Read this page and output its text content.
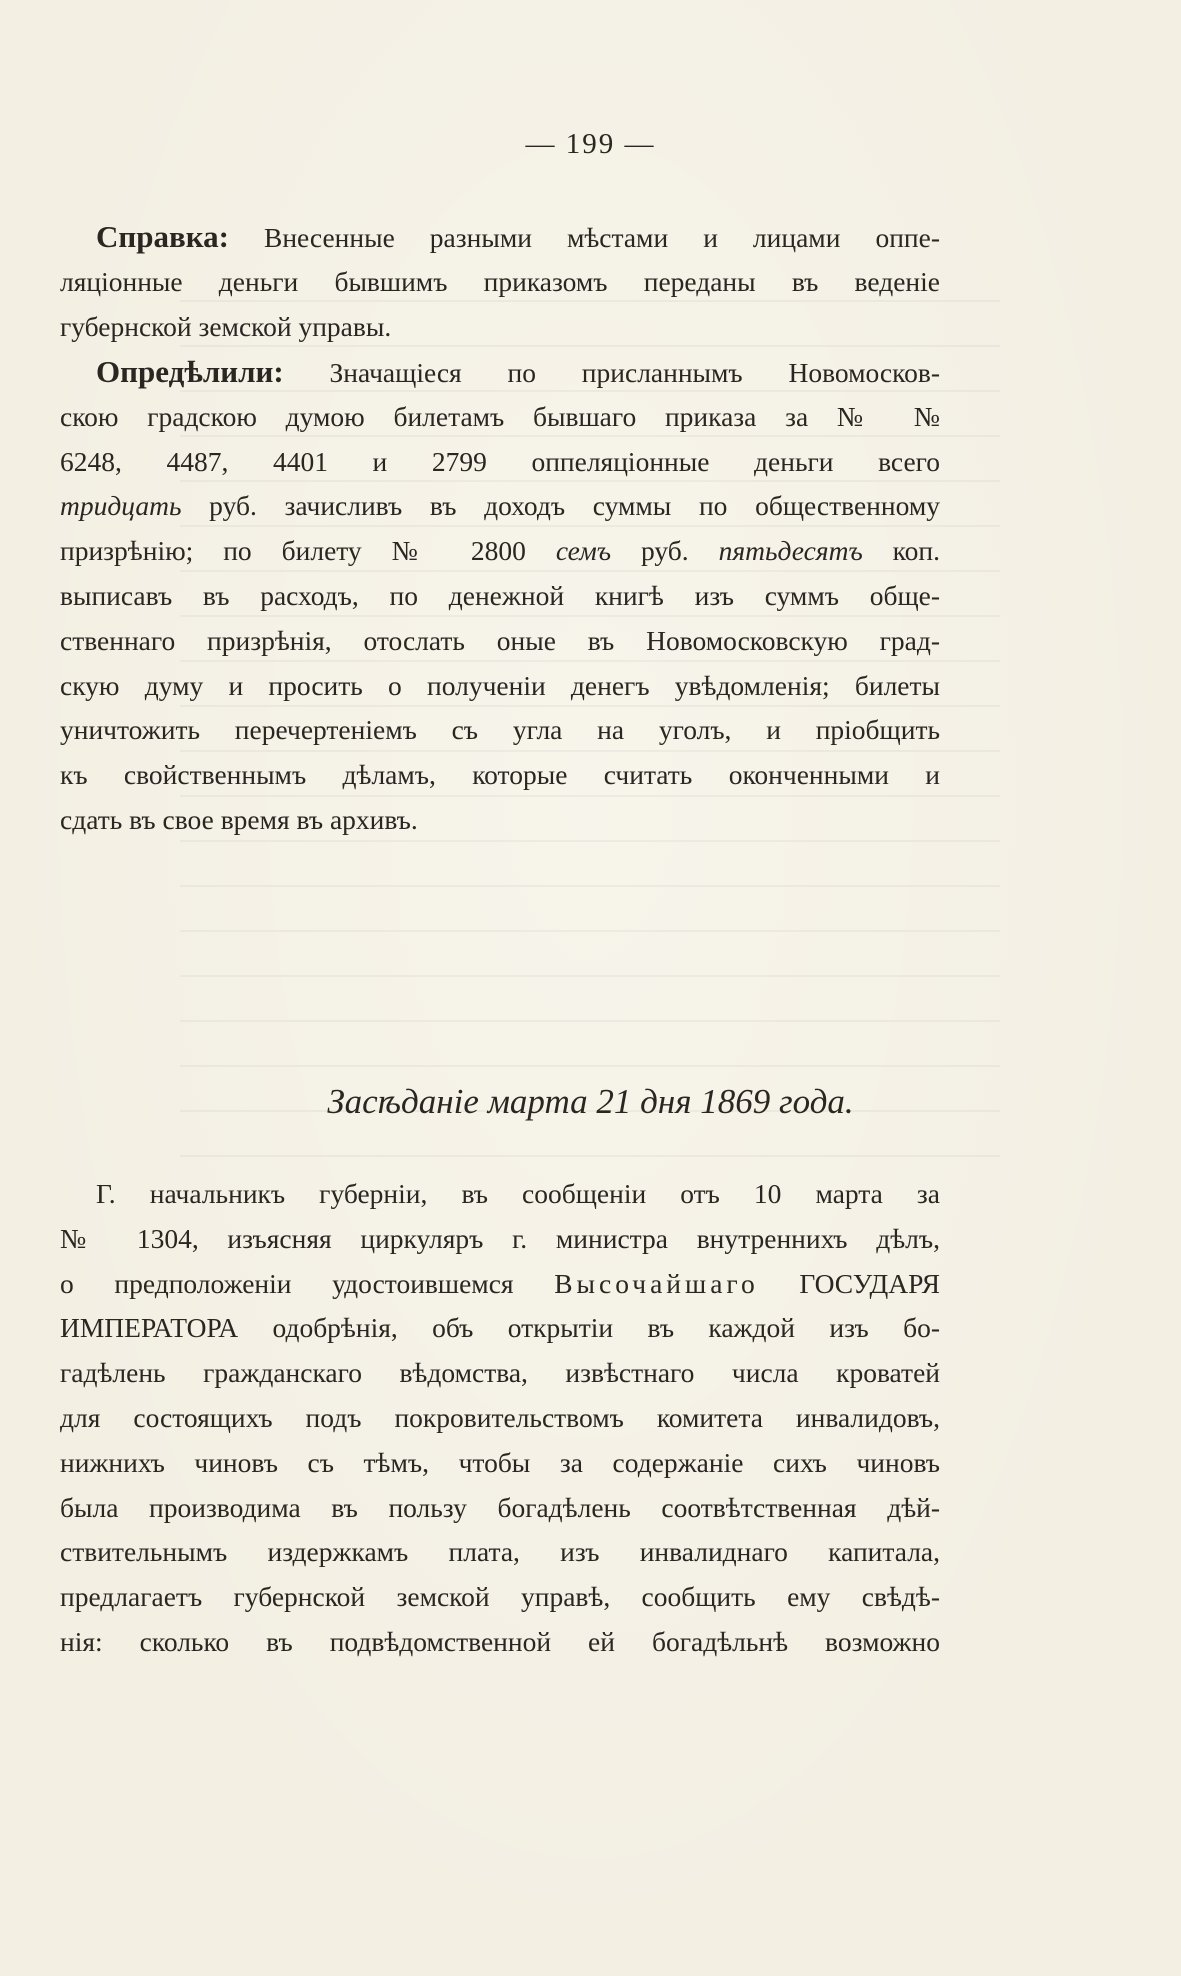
— 199 —
Справка: Внесенные разными мѣстами и лицами оппе-
ляціонные деньги бывшимъ приказомъ переданы въ веденіе
губернской земской управы.
Опредѣлили: Значащіеся по присланнымъ Новомосков-
скою градскою думою билетамъ бывшаго приказа за № №
6248, 4487, 4401 и 2799 оппеляціонные деньги всего
тридцать руб. зачисливъ въ доходъ суммы по общественному
призрѣнію; по билету № 2800 семъ руб. пятьдесятъ коп.
выписавъ въ расходъ, по денежной книгѣ изъ суммъ обще-
ственнаго призрѣнія, отослать оные въ Новомосковскую град-
скую думу и просить о полученіи денегъ увѣдомленія; билеты
уничтожить перечертеніемъ съ угла на уголъ, и пріобщить
къ свойственнымъ дѣламъ, которые считать оконченными и
сдать въ свое время въ архивъ.
Засѣданіе марта 21 дня 1869 года.
Г. начальникъ губерніи, въ сообщеніи отъ 10 марта за
№ 1304, изъясняя циркуляръ г. министра внутреннихъ дѣлъ,
о предположеніи удостоившемся Высочайшаго ГОСУДАРЯ
ИМПЕРАТОРА одобрѣнія, объ открытіи въ каждой изъ бо-
гадѣлень гражданскаго вѣдомства, извѣстнаго числа кроватей
для состоящихъ подъ покровительствомъ комитета инвалидовъ,
нижнихъ чиновъ съ тѣмъ, чтобы за содержаніе сихъ чиновъ
была производима въ пользу богадѣлень соотвѣтственная дѣй-
ствительнымъ издержкамъ плата, изъ инвалиднаго капитала,
предлагаетъ губернской земской управѣ, сообщить ему свѣдѣ-
нія: сколько въ подвѣдомственной ей богадѣльнѣ возможно
